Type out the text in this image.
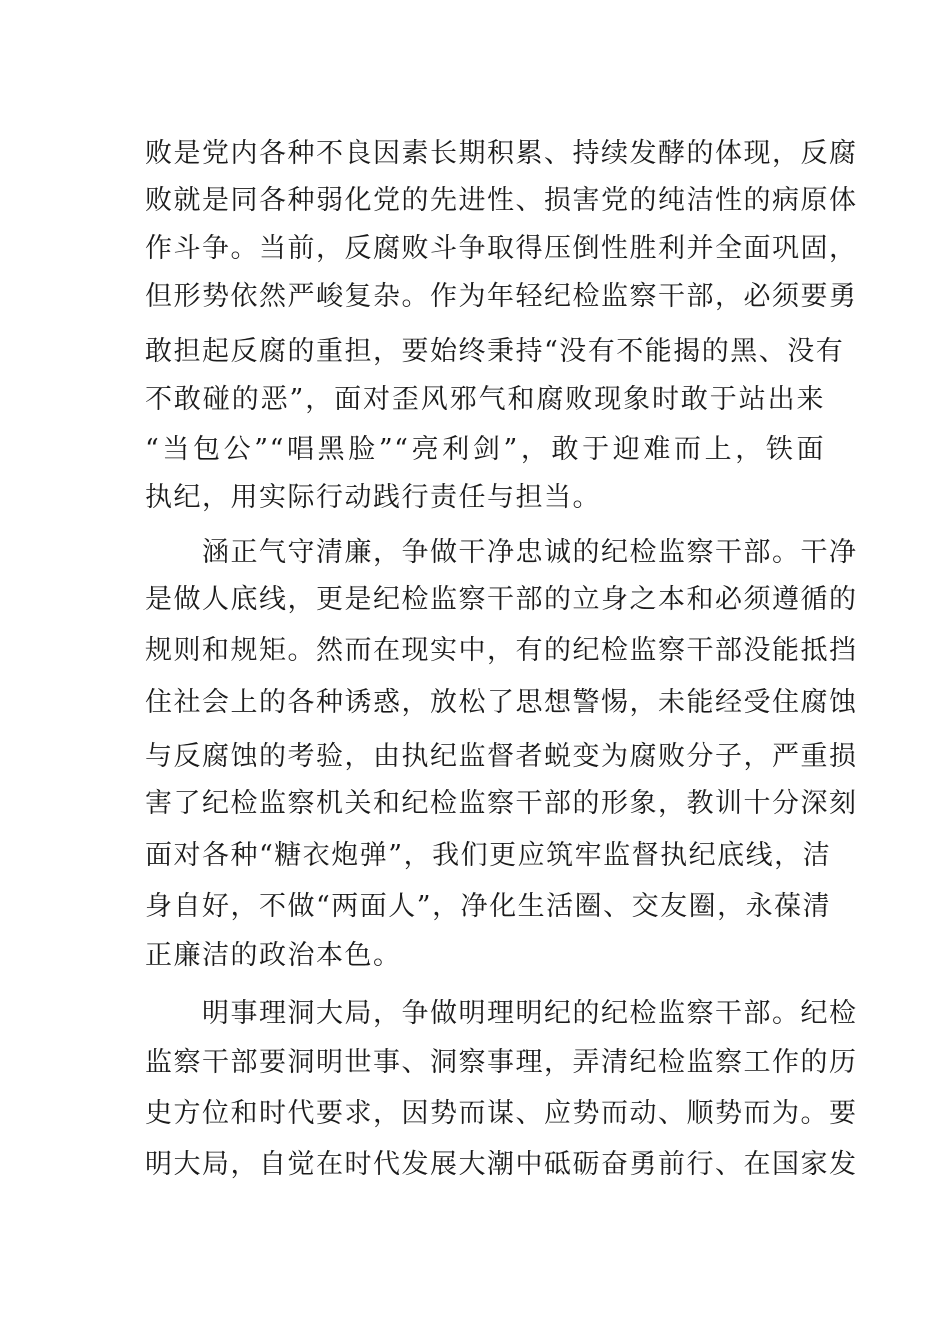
败是党内各种不良因素长期积累、持续发酵的体现，反腐
败就是同各种弱化党的先进性、损害党的纯洁性的病原体
作斗争。当前，反腐败斗争取得压倒性胜利并全面巩固，
但形势依然严峻复杂。作为年轻纪检监察干部，必须要勇
敢担起反腐的重担，要始终秉持“没有不能揭的黑、没有
不敢碰的恶”，面对歪风邪气和腐败现象时敢于站出来
“当包公”“唱黑脸”“亮利剑”，敢于迎难而上，铁面
执纪，用实际行动践行责任与担当。
　　涵正气守清廉，争做干净忠诚的纪检监察干部。干净
是做人底线，更是纪检监察干部的立身之本和必须遵循的
规则和规矩。然而在现实中，有的纪检监察干部没能抵挡
住社会上的各种诱惑，放松了思想警惕，未能经受住腐蚀
与反腐蚀的考验，由执纪监督者蜕变为腐败分子，严重损
害了纪检监察机关和纪检监察干部的形象，教训十分深刻
面对各种“糖衣炮弹”，我们更应筑牢监督执纪底线，洁
身自好，不做“两面人”，净化生活圈、交友圈，永葆清
正廉洁的政治本色。
　　明事理洞大局，争做明理明纪的纪检监察干部。纪检
监察干部要洞明世事、洞察事理，弄清纪检监察工作的历
史方位和时代要求，因势而谋、应势而动、顺势而为。要
明大局，自觉在时代发展大潮中砥砺奋勇前行、在国家发
